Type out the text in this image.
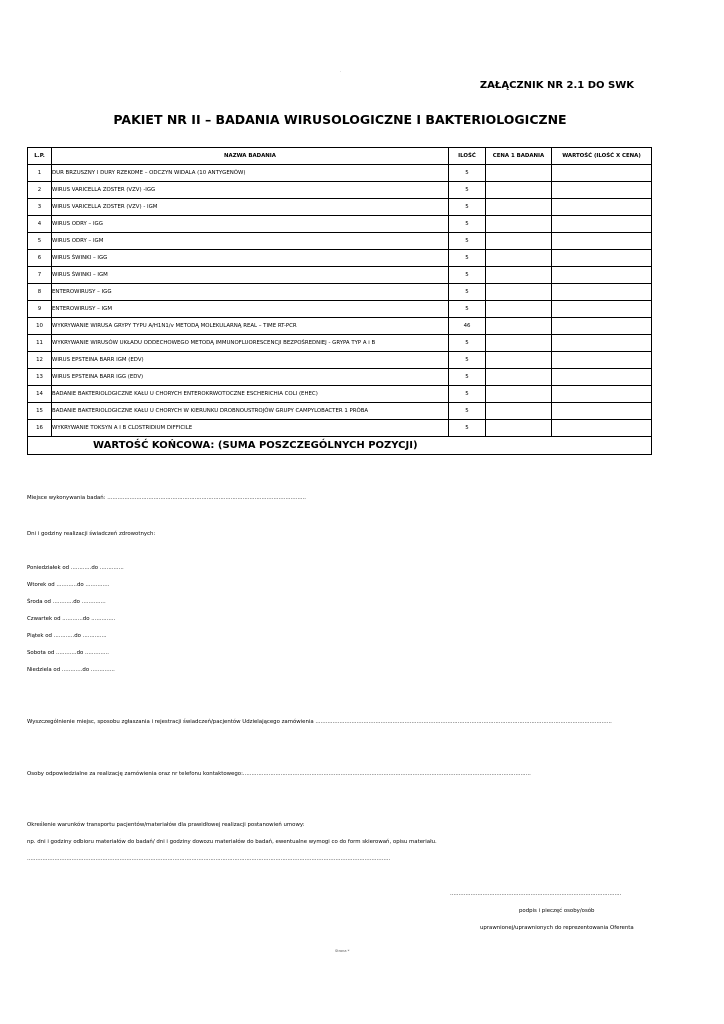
.
ZAŁĄCZNIK NR 2.1 DO SWK
PAKIET NR II – BADANIA WIRUSOLOGICZNE I BAKTERIOLOGICZNE
L.P.	NAZWA BADANIA	ILOŚĆ	CENA 1 BADANIA	WARTOŚĆ (ILOŚĆ X CENA)
1	DUR BRZUSZNY I DURY RZEKOME – ODCZYN WIDALA (10 ANTYGENÓW)	5		
2	WIRUS VARICELLA ZOSTER (VZV) -IGG	5		
3	WIRUS VARICELLA ZOSTER (VZV) - IGM	5		
4	WIRUS ODRY – IGG	5		
5	WIRUS ODRY – IGM	5		
6	WIRUS ŚWINKI – IGG	5		
7	WIRUS ŚWINKI – IGM	5		
8	ENTEROWIRUSY – IGG	5		
9	ENTEROWIRUSY – IGM	5		
10	WYKRYWANIE WIRUSA GRYPY TYPU A/H1N1/v METODĄ MOLEKULARNĄ REAL – TIME RT-PCR	46		
11	WYKRYWANIE WIRUSÓW UKŁADU ODDECHOWEGO METODĄ IMMUNOFLUORESCENCJI BEZPOŚREDNIEJ - GRYPA TYP A i B	5		
12	WIRUS EPSTEINA BARR IGM (EDV)	5		
13	WIRUS EPSTEINA BARR IGG (EDV)	5		
14	BADANIE BAKTERIOLOGICZNE KAŁU U CHORYCH ENTEROKRWOTOCZNE ESCHERICHIA COLI (EHEC)	5		
15	BADANIE BAKTERIOLOGICZNE KAŁU U CHORYCH W KIERUNKU DROBNOUSTROJÓW GRUPY CAMPYLOBACTER 1 PRÓBA	5		
16	WYKRYWANIE TOKSYN A I B CLOSTRIDIUM DIFFICILE	5		
WARTOŚĆ KOŃCOWA: (SUMA POSZCZEGÓLNYCH POZYCJI)				
Miejsce wykonywania badań: ....................................................................................................................
Dni i godziny realizacji świadczeń zdrowotnych:
Poniedziałek od ............do ..............
Wtorek od ............do ..............
Środa od ............do ..............
Czwartek od ............do ..............
Piątek od ............do ..............
Sobota od ............do ..............
Niedziela od ............do ..............
Wyszczególnienie miejsc, sposobu zgłaszania i rejestracji świadczeń/pacjentów Udzielającego zamówienia .............................................................................................................................................................................
Osoby odpowiedzialne za realizację zamówienia oraz nr telefonu kontaktowego:........................................................................................................................................................................
Określenie warunków transportu pacjentów/materiałów dla prawidłowej realizacji postanowień umowy:
np. dni i godziny odbioru materiałów do badań/ dni i godziny dowozu materiałów do badań, ewentualne wymogi co do form skierowań, opisu materiału.
....................................................................................................................................................................................................................
....................................................................................................
podpis i pieczęć osoby/osób
uprawnionej/uprawnionych do reprezentowania Oferenta
Strona *
